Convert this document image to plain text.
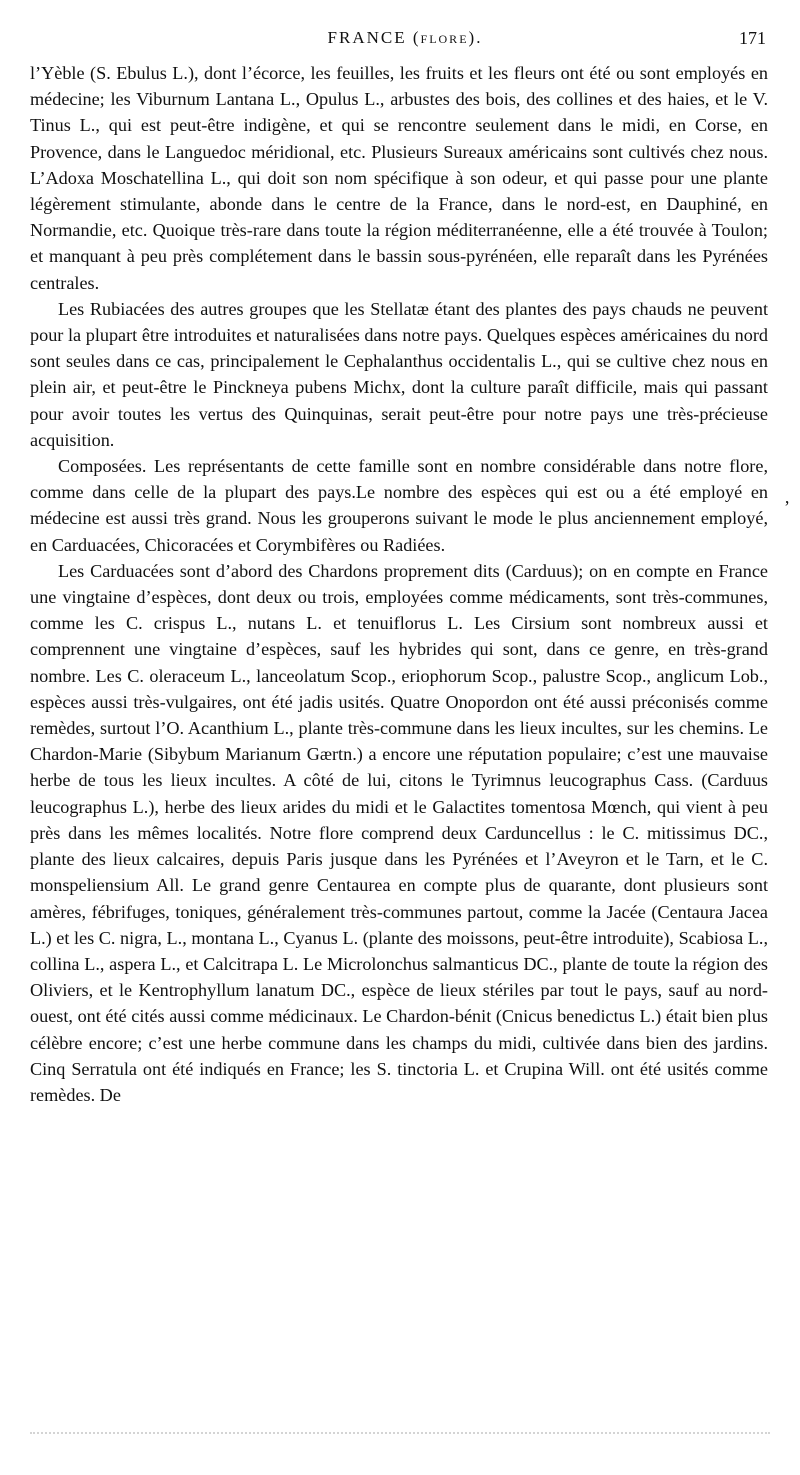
FRANCE (FLORE).	171

l’Yèble (S. Ebulus L.), dont l’écorce, les feuilles, les fruits et les fleurs ont été ou sont employés en médecine; les Viburnum Lantana L., Opulus L., arbustes des bois, des collines et des haies, et le V. Tinus L., qui est peut-être indigène, et qui se rencontre seulement dans le midi, en Corse, en Provence, dans le Languedoc méridional, etc. Plusieurs Sureaux américains sont cultivés chez nous. L’Adoxa Moschatellina L., qui doit son nom spécifique à son odeur, et qui passe pour une plante légèrement stimulante, abonde dans le centre de la France, dans le nord-est, en Dauphiné, en Normandie, etc. Quoique très-rare dans toute la région méditerranéenne, elle a été trouvée à Toulon; et manquant à peu près complétement dans le bassin sous-pyrénéen, elle reparaît dans les Pyrénées centrales.

Les Rubiacées des autres groupes que les Stellatæ étant des plantes des pays chauds ne peuvent pour la plupart être introduites et naturalisées dans notre pays. Quelques espèces américaines du nord sont seules dans ce cas, principalement le Cephalanthus occidentalis L., qui se cultive chez nous en plein air, et peut-être le Pinckneya pubens Michx, dont la culture paraît difficile, mais qui passant pour avoir toutes les vertus des Quinquinas, serait peut-être pour notre pays une très-précieuse acquisition.

Composées. Les représentants de cette famille sont en nombre considérable dans notre flore, comme dans celle de la plupart des pays.Le nombre des espèces qui est ou a été employé en médecine est aussi très grand. Nous les grouperons suivant le mode le plus anciennement employé, en Carduacées, Chicoracées et Corymbifères ou Radiées.

Les Carduacées sont d’abord des Chardons proprement dits (Carduus); on en compte en France une vingtaine d’espèces, dont deux ou trois, employées comme médicaments, sont très-communes, comme les C. crispus L., nutans L. et tenuiflorus L. Les Cirsium sont nombreux aussi et comprennent une vingtaine d’espèces, sauf les hybrides qui sont, dans ce genre, en très-grand nombre. Les C. oleraceum L., lanceolatum Scop., eriophorum Scop., palustre Scop., anglicum Lob., espèces aussi très-vulgaires, ont été jadis usités. Quatre Onopordon ont été aussi préconisés comme remèdes, surtout l’O. Acanthium L., plante très-commune dans les lieux incultes, sur les chemins. Le Chardon-Marie (Sibybum Marianum Gærtn.) a encore une réputation populaire; c’est une mauvaise herbe de tous les lieux incultes. A côté de lui, citons le Tyrimnus leucographus Cass. (Carduus leucographus L.), herbe des lieux arides du midi et le Galactites tomentosa Mœnch, qui vient à peu près dans les mêmes localités. Notre flore comprend deux Carduncellus : le C. mitissimus DC., plante des lieux calcaires, depuis Paris jusque dans les Pyrénées et l’Aveyron et le Tarn, et le C. monspeliensium All. Le grand genre Centaurea en compte plus de quarante, dont plusieurs sont amères, fébrifuges, toniques, généralement très-communes partout, comme la Jacée (Centaura Jacea L.) et les C. nigra, L., montana L., Cyanus L. (plante des moissons, peut-être introduite), Scabiosa L., collina L., aspera L., et Calcitrapa L. Le Microlonchus salmanticus DC., plante de toute la région des Oliviers, et le Kentrophyllum lanatum DC., espèce de lieux stériles par tout le pays, sauf au nord-ouest, ont été cités aussi comme médicinaux. Le Chardon-bénit (Cnicus benedictus L.) était bien plus célèbre encore; c’est une herbe commune dans les champs du midi, cultivée dans bien des jardins. Cinq Serratula ont été indiqués en France; les S. tinctoria L. et Crupina Will. ont été usités comme remèdes. De

’
